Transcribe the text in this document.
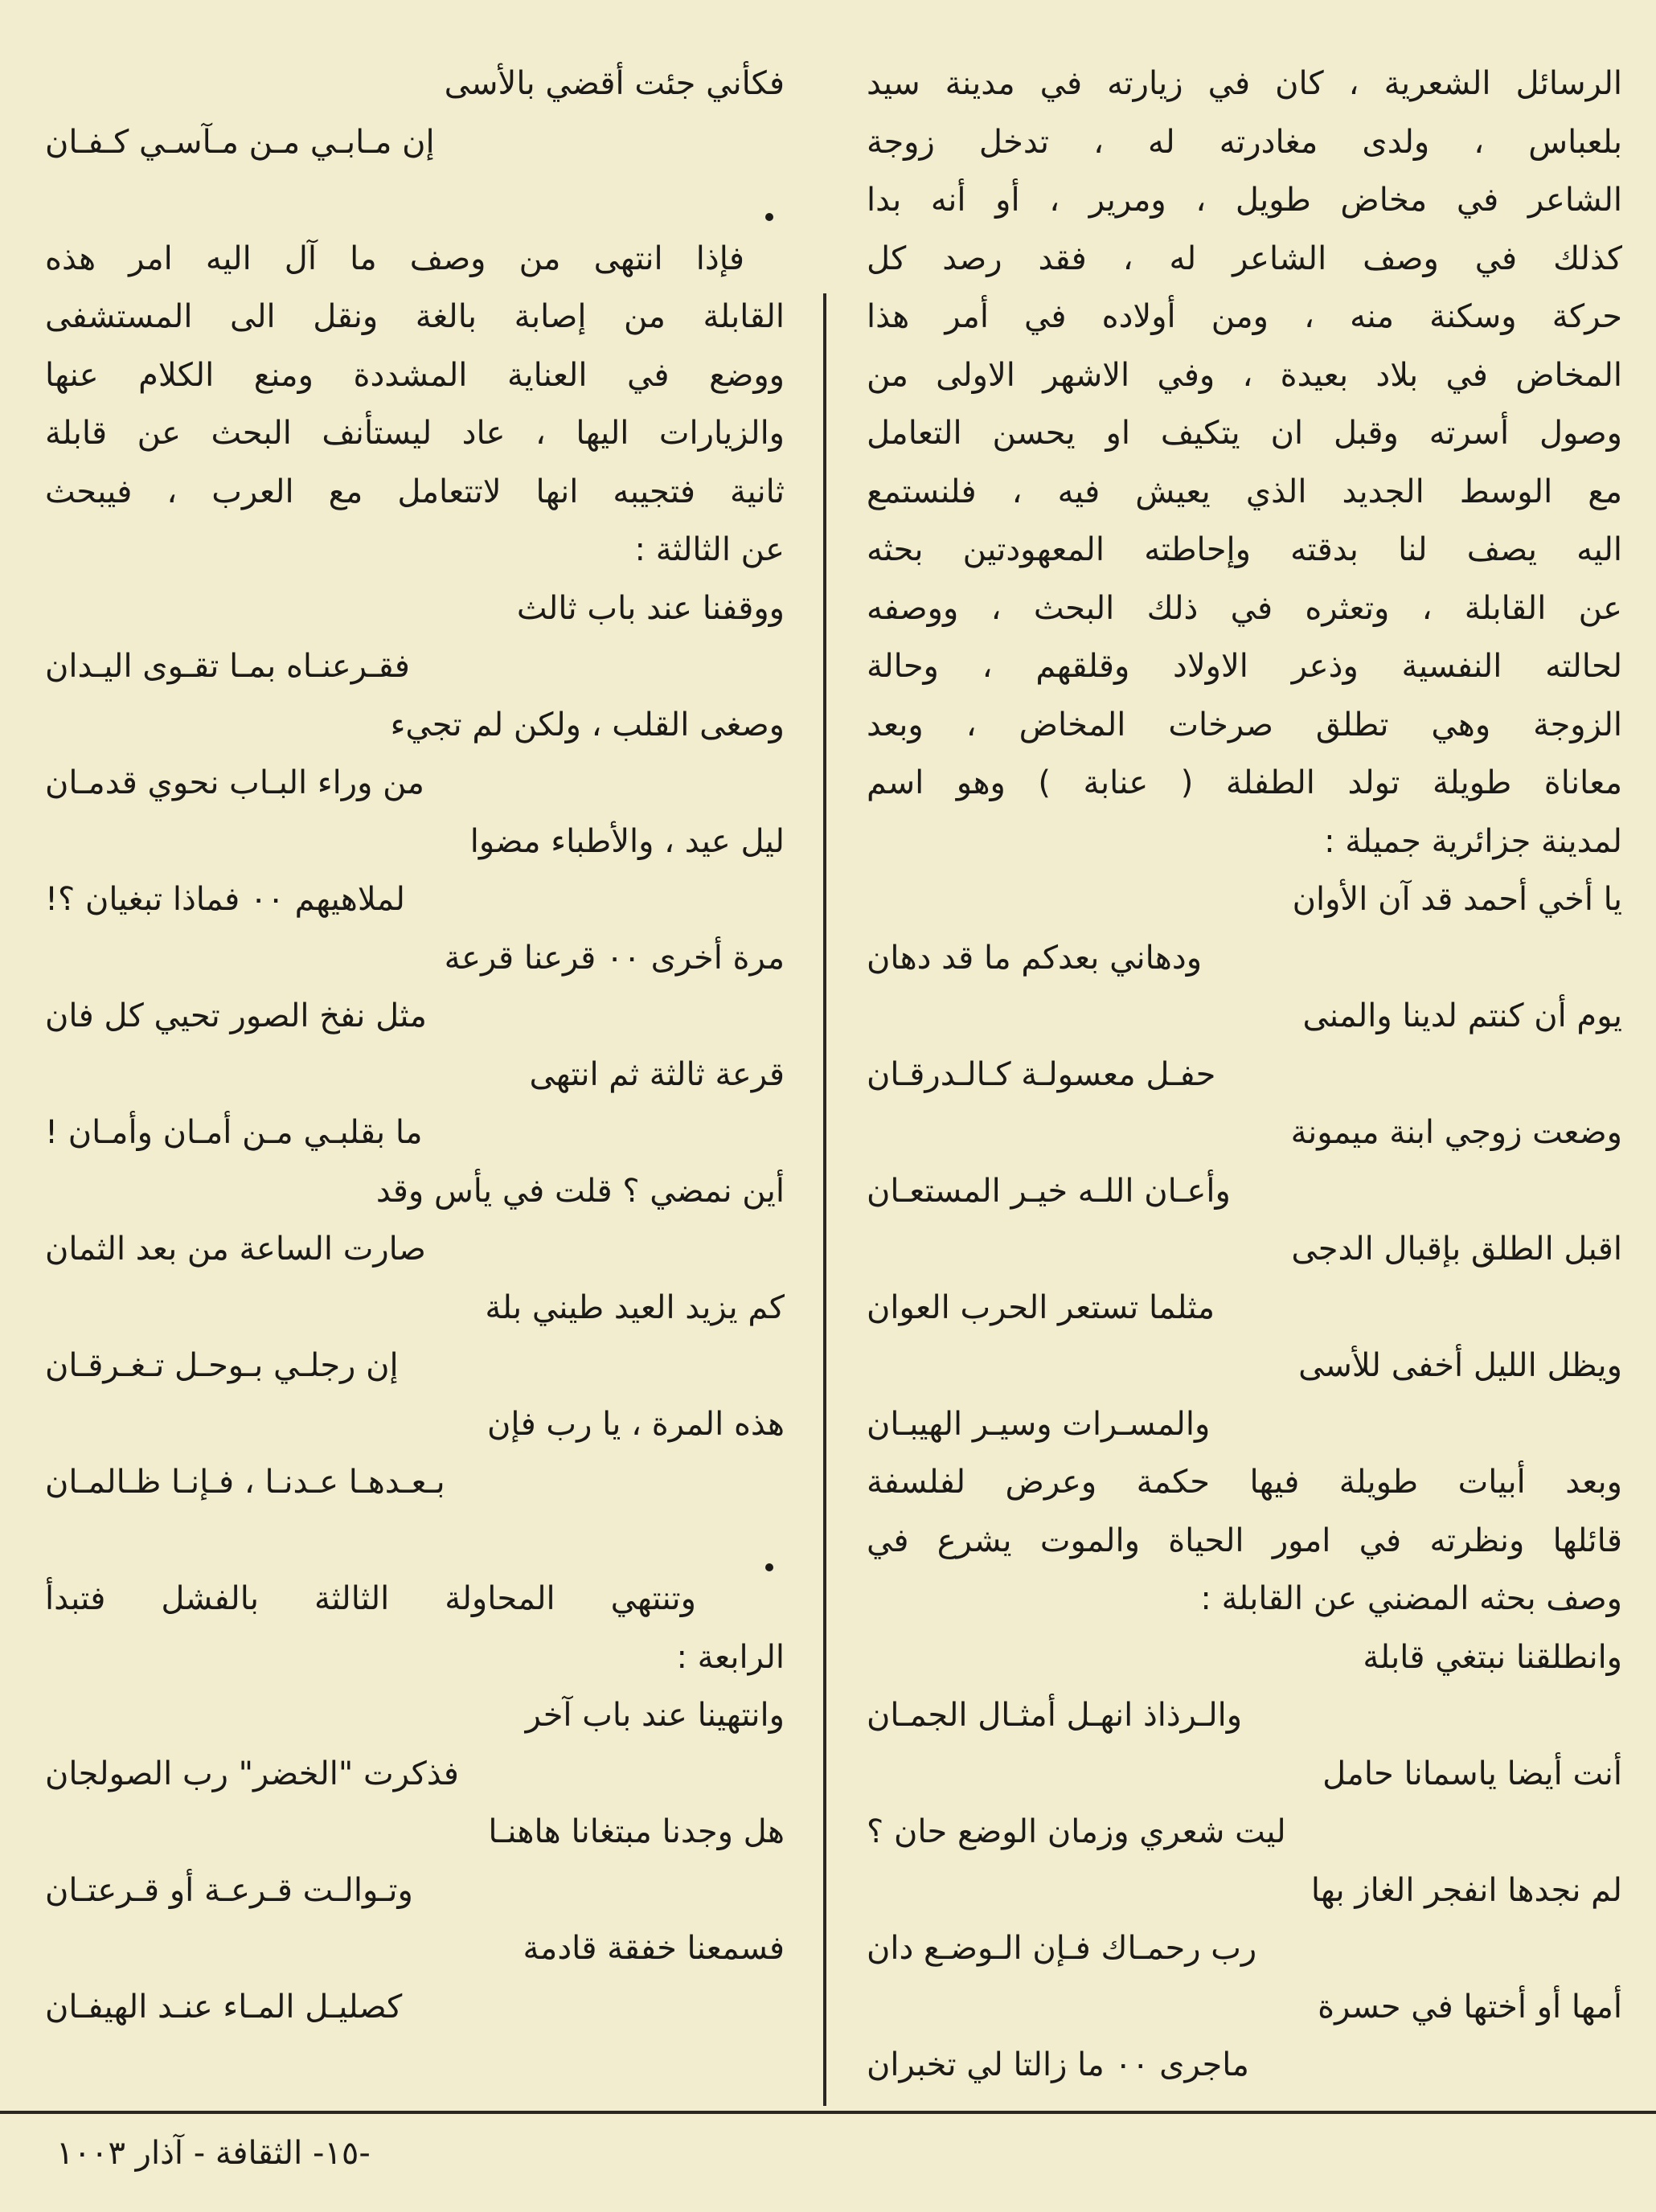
الرسائل الشعرية ، كان في زيارته في مدينة سيد
بلعباس ، ولدى مغادرته له ، تدخل زوجة
الشاعر في مخاض طويل ، ومرير ، أو أنه بدا
كذلك في وصف الشاعر له ، فقد رصد كل
حركة وسكنة منه ، ومن أولاده في أمر هذا
المخاض في بلاد بعيدة ، وفي الاشهر الاولى من
وصول أسرته وقبل ان يتكيف او يحسن التعامل
مع الوسط الجديد الذي يعيش فيه ، فلنستمع
اليه يصف لنا بدقته وإحاطته المعهودتين بحثه
عن القابلة ، وتعثره في ذلك البحث ، ووصفه
لحالته النفسية وذعر الاولاد وقلقهم ، وحالة
الزوجة وهي تطلق صرخات المخاض ، وبعد
معاناة طويلة تولد الطفلة ( عنابة ) وهو اسم
لمدينة جزائرية جميلة :
يا أخي أحمد قد آن الأوان
ودهاني بعدكم ما قد دهان
يوم أن كنتم لدينا والمنى
حفـل معسولـة كـالـدرقـان
وضعت زوجي ابنة ميمونة
وأعـان اللـه خيـر المستعـان
اقبل الطلق بإقبال الدجى
مثلما تستعر الحرب العوان
ويظل الليل أخفى للأسى
والمسـرات وسيـر الهيبـان
وبعد أبيات طويلة فيها حكمة وعرض لفلسفة
قائلها ونظرته في امور الحياة والموت يشرع في
وصف بحثه المضني عن القابلة :
وانطلقنا نبتغي قابلة
والـرذاذ انهـل أمثـال الجمـان
أنت أيضا ياسمانا حامل
ليت شعري وزمان الوضع حان ؟
لم نجدها انفجر الغاز بها
رب رحمـاك فـإن الـوضـع دان
أمها أو أختها في حسرة
ماجرى ٠٠ ما زالتا لي تخبران
فكأني جئت أقضي بالأسى
إن مـابـي مـن مـآسـي كـفـان
فإذا انتهى من وصف ما آل اليه امر هذه
القابلة من إصابة بالغة ونقل الى المستشفى
ووضع في العناية المشددة ومنع الكلام عنها
والزيارات اليها ، عاد ليستأنف البحث عن قابلة
ثانية فتجيبه انها لاتتعامل مع العرب ، فيبحث
عن الثالثة :
ووقفنا عند باب ثالث
فقـرعنـاه بمـا تقـوى اليـدان
وصغى القلب ، ولكن لم تجيء
من وراء البـاب نحوي قدمـان
ليل عيد ، والأطباء مضوا
لملاهيهم ٠٠ فماذا تبغيان ؟!
مرة أخرى ٠٠ قرعنا قرعة
مثل نفخ الصور تحيي كل فان
قرعة ثالثة ثم انتهى
ما بقلبـي مـن أمـان وأمـان !
أين نمضي ؟ قلت في يأس وقد
صارت الساعة من بعد الثمان
كم يزيد العيد طيني بلة
إن رجلـي بـوحـل تـغـرقـان
هذه المرة ، يا رب فإن
بـعـدهـا عـدنـا ، فـإنـا ظـالمـان
وتنتهي المحاولة الثالثة بالفشل فتبدأ
الرابعة :
وانتهينا عند باب آخر
فذكرت "الخضر" رب الصولجان
هل وجدنا مبتغانا هاهنـا
وتـوالـت قـرعـة أو قـرعتـان
فسمعنا خفقة قادمة
كصليـل المـاء عنـد الهيفـان
-١٥- الثقافة - آذار ١٠٠٣
